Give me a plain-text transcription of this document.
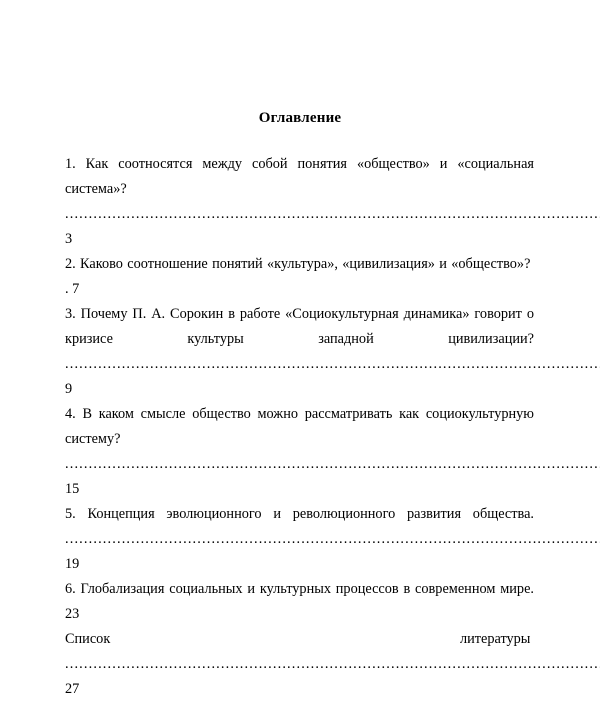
Оглавление
1. Как соотносятся между собой понятия «общество» и «социальная
система»? ..... 3
2. Каково соотношение понятий «культура», «цивилизация» и «общество»?  . 7
3. Почему П. А. Сорокин в работе «Социокультурная динамика» говорит о
кризисе культуры западной цивилизации? ..... 9
4. В каком смысле общество можно рассматривать как социокультурную
систему?  ..... 15
5. Концепция эволюционного и революционного развития общества. ..... 19
6. Глобализация социальных и культурных процессов в современном мире. 23
Список литературы  ..... 27
